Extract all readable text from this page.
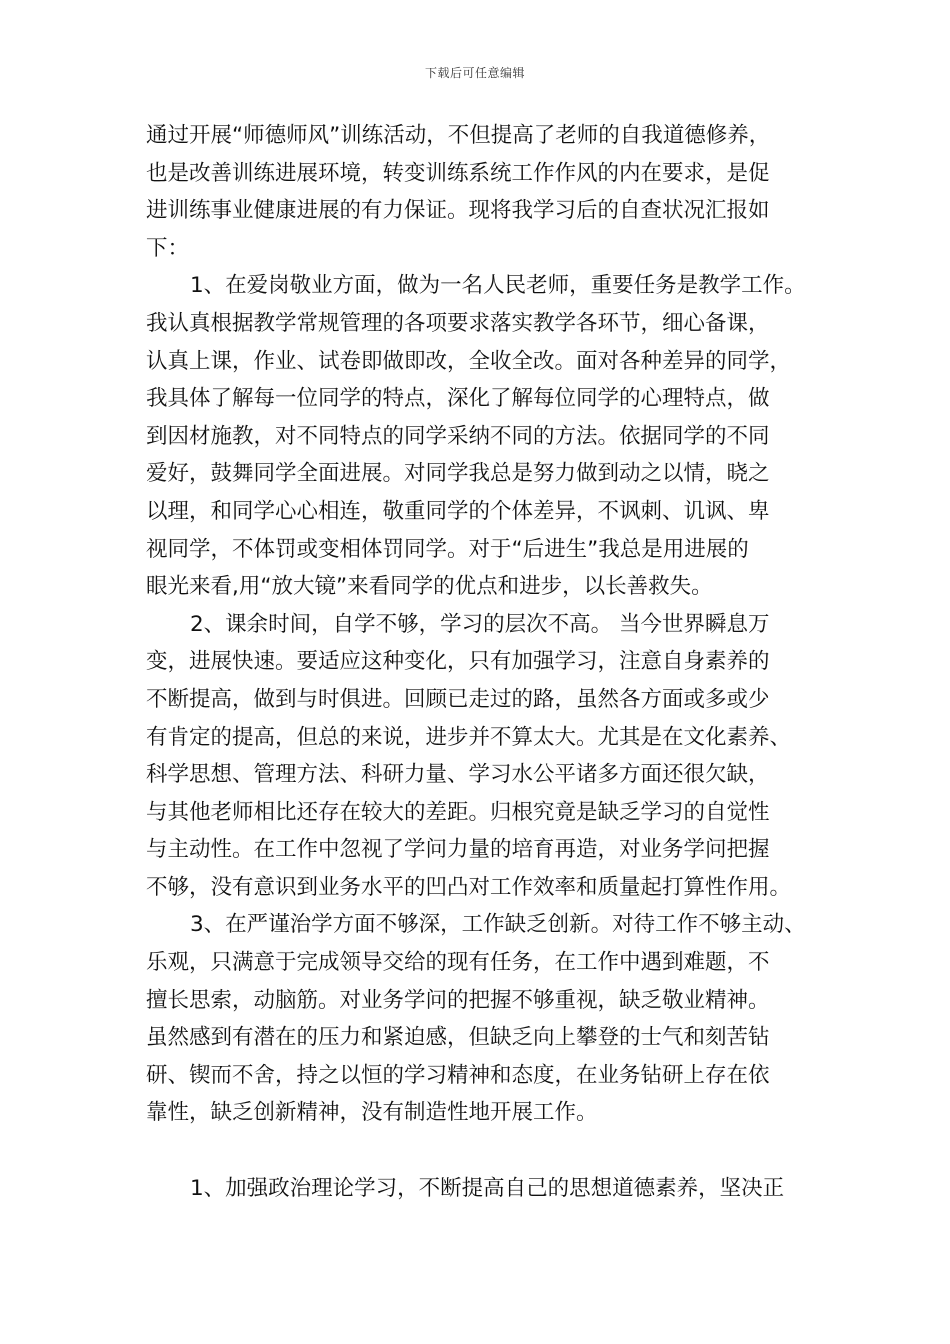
下载后可任意编辑
通过开展“师德师风”训练活动，不但提高了老师的自我道德修养，
也是改善训练进展环境，转变训练系统工作作风的内在要求，是促
进训练事业健康进展的有力保证。现将我学习后的自查状况汇报如
下：
1、在爱岗敬业方面，做为一名人民老师，重要任务是教学工作。
我认真根据教学常规管理的各项要求落实教学各环节，细心备课，
认真上课，作业、试卷即做即改，全收全改。面对各种差异的同学，
我具体了解每一位同学的特点，深化了解每位同学的心理特点，做
到因材施教，对不同特点的同学采纳不同的方法。依据同学的不同
爱好，鼓舞同学全面进展。对同学我总是努力做到动之以情，晓之
以理，和同学心心相连，敬重同学的个体差异，不讽刺、讥讽、卑
视同学，不体罚或变相体罚同学。对于“后进生”我总是用进展的
眼光来看,用“放大镜”来看同学的优点和进步，以长善救失。
2、课余时间，自学不够，学习的层次不高。 当今世界瞬息万
变，进展快速。要适应这种变化，只有加强学习，注意自身素养的
不断提高，做到与时俱进。回顾已走过的路，虽然各方面或多或少
有肯定的提高，但总的来说，进步并不算太大。尤其是在文化素养、
科学思想、管理方法、科研力量、学习水公平诸多方面还很欠缺，
与其他老师相比还存在较大的差距。归根究竟是缺乏学习的自觉性
与主动性。在工作中忽视了学问力量的培育再造，对业务学问把握
不够，没有意识到业务水平的凹凸对工作效率和质量起打算性作用。
3、在严谨治学方面不够深，工作缺乏创新。对待工作不够主动、
乐观，只满意于完成领导交给的现有任务，在工作中遇到难题，不
擅长思索，动脑筋。对业务学问的把握不够重视，缺乏敬业精神。
虽然感到有潜在的压力和紧迫感，但缺乏向上攀登的士气和刻苦钻
研、锲而不舍，持之以恒的学习精神和态度，在业务钻研上存在依
靠性，缺乏创新精神，没有制造性地开展工作。
1、加强政治理论学习，不断提高自己的思想道德素养，坚决正
